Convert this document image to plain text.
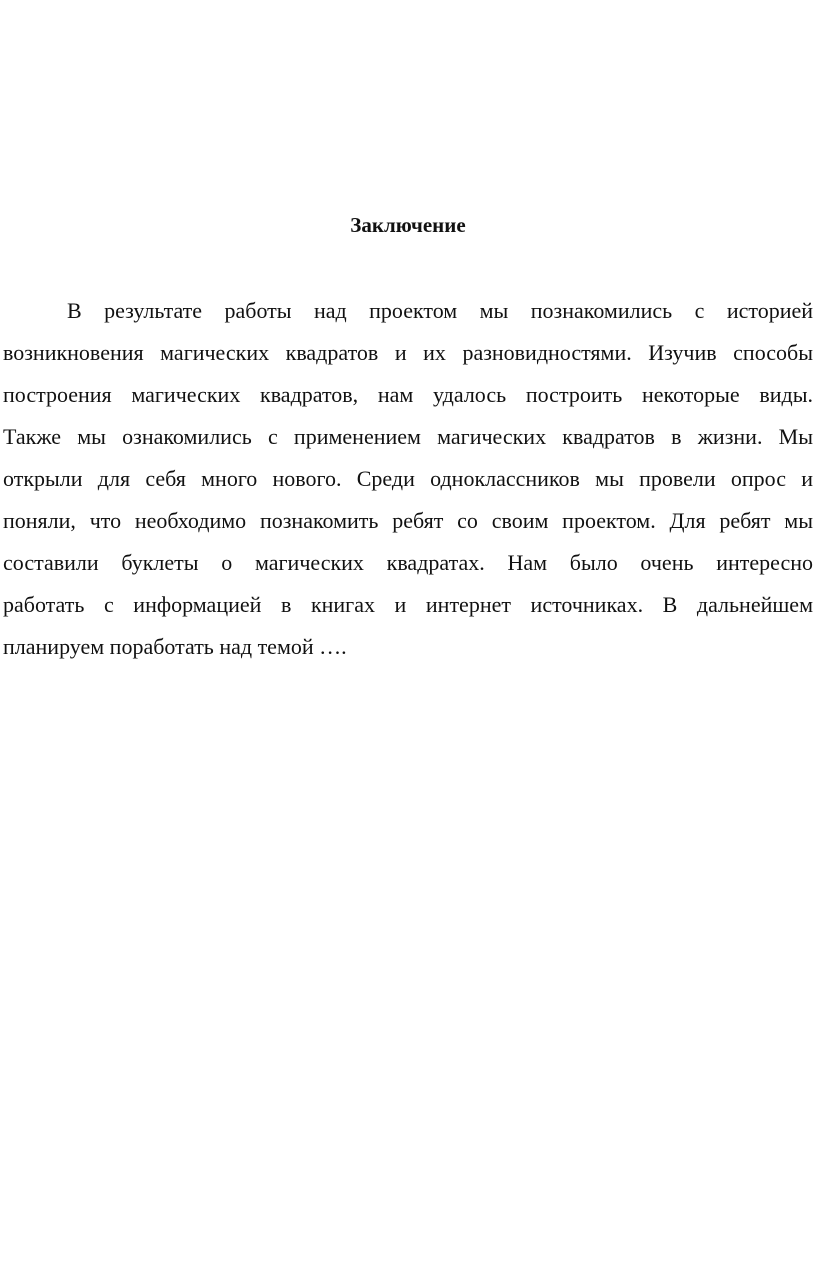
Заключение
В результате работы над проектом мы познакомились с историей
возникновения магических квадратов и их разновидностями. Изучив способы
построения магических квадратов, нам удалось построить некоторые виды.
Также мы ознакомились с применением магических квадратов в жизни. Мы
открыли для себя много нового. Среди одноклассников мы провели опрос и
поняли, что необходимо познакомить ребят со своим проектом. Для ребят мы
составили буклеты о магических квадратах. Нам было очень интересно
работать с информацией в книгах и интернет источниках. В дальнейшем
планируем поработать над темой ….
